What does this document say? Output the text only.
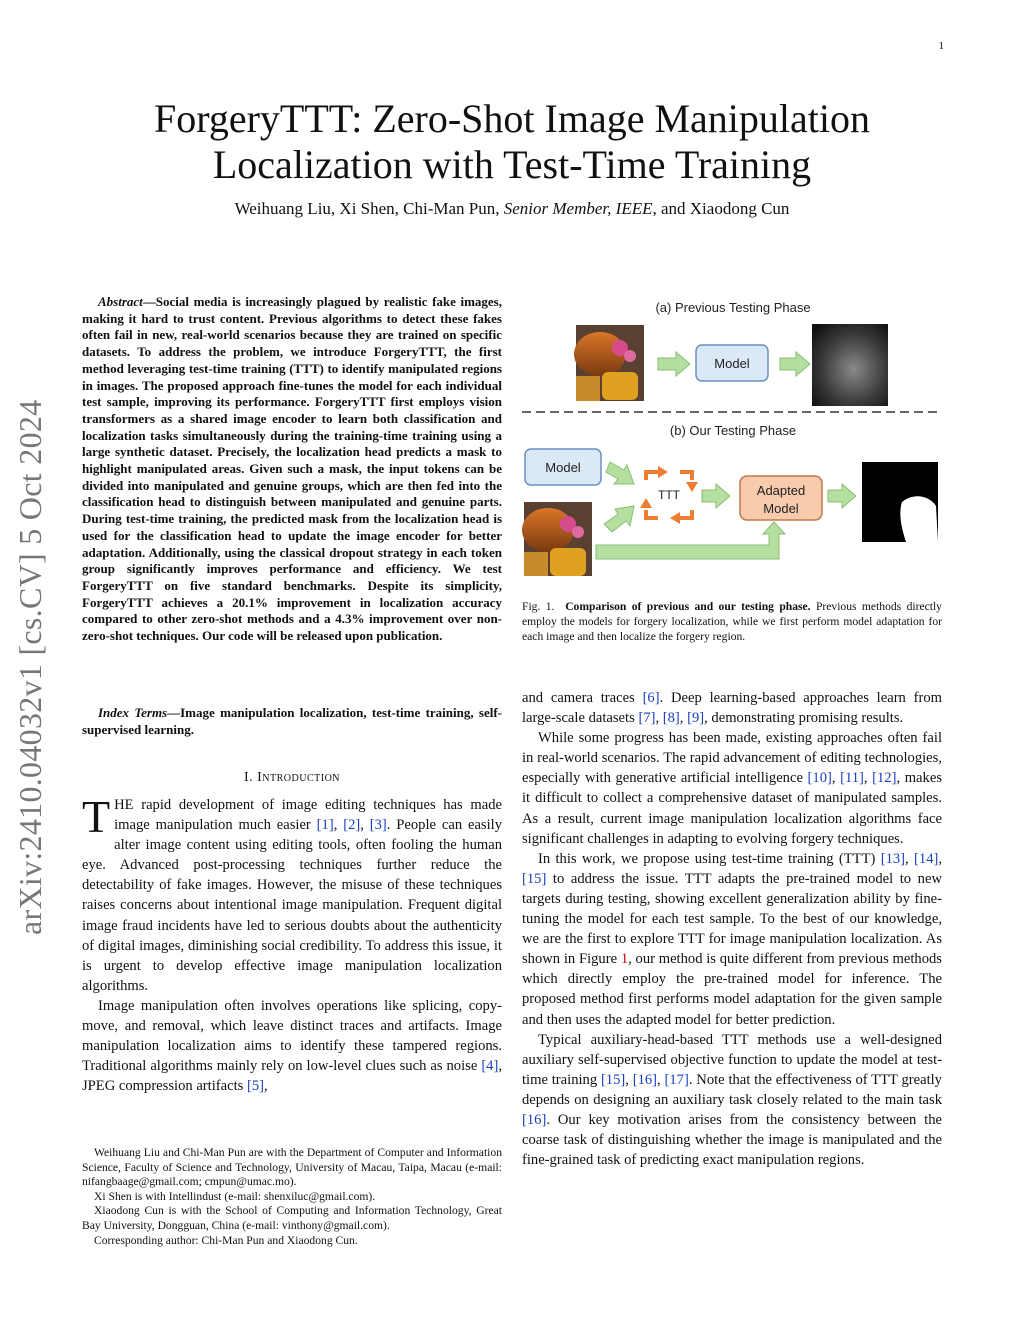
1
arXiv:2410.04032v1 [cs.CV] 5 Oct 2024
ForgeryTTT: Zero-Shot Image Manipulation
Localization with Test-Time Training
Weihuang Liu, Xi Shen, Chi-Man Pun, Senior Member, IEEE, and Xiaodong Cun
Abstract—Social media is increasingly plagued by realistic fake images, making it hard to trust content. Previous algorithms to detect these fakes often fail in new, real-world scenarios because they are trained on specific datasets. To address the problem, we introduce ForgeryTTT, the first method leveraging test-time training (TTT) to identify manipulated regions in images. The proposed approach fine-tunes the model for each individual test sample, improving its performance. ForgeryTTT first employs vision transformers as a shared image encoder to learn both classification and localization tasks simultaneously during the training-time training using a large synthetic dataset. Precisely, the localization head predicts a mask to highlight manipulated areas. Given such a mask, the input tokens can be divided into manipulated and genuine groups, which are then fed into the classification head to distinguish between manipulated and genuine parts. During test-time training, the predicted mask from the localization head is used for the classification head to update the image encoder for better adaptation. Additionally, using the classical dropout strategy in each token group significantly improves performance and efficiency. We test ForgeryTTT on five standard benchmarks. Despite its simplicity, ForgeryTTT achieves a 20.1% improvement in localization accuracy compared to other zero-shot methods and a 4.3% improvement over non-zero-shot techniques. Our code will be released upon publication.
Index Terms—Image manipulation localization, test-time training, self-supervised learning.
I. Introduction

THE rapid development of image editing techniques has made image manipulation much easier [1], [2], [3]. People can easily alter image content using editing tools, often fooling the human eye. Advanced post-processing techniques further reduce the detectability of fake images. However, the misuse of these techniques raises concerns about intentional image manipulation. Frequent digital image fraud incidents have led to serious doubts about the authenticity of digital images, diminishing social credibility. To address this issue, it is urgent to develop effective image manipulation localization algorithms.

Image manipulation often involves operations like splicing, copy-move, and removal, which leave distinct traces and artifacts. Image manipulation localization aims to identify these tampered regions. Traditional algorithms mainly rely on low-level clues such as noise [4], JPEG compression artifacts [5],

Weihuang Liu and Chi-Man Pun are with the Department of Computer and Information Science, Faculty of Science and Technology, University of Macau, Taipa, Macau (e-mail: nifangbaage@gmail.com; cmpun@umac.mo).

Xi Shen is with Intellindust (e-mail: shenxiluc@gmail.com).

Xiaodong Cun is with the School of Computing and Information Technology, Great Bay University, Dongguan, China (e-mail: vinthony@gmail.com).

Corresponding author: Chi-Man Pun and Xiaodong Cun.

(a) Previous Testing Phase
Model
(b) Our Testing Phase
Model
TTT	Adapted
Model
Fig. 1. Comparison of previous and our testing phase. Previous methods directly employ the models for forgery localization, while we first perform model adaptation for each image and then localize the forgery region.

and camera traces [6]. Deep learning-based approaches learn from large-scale datasets [7], [8], [9], demonstrating promising results.

While some progress has been made, existing approaches often fail in real-world scenarios. The rapid advancement of editing technologies, especially with generative artificial intelligence [10], [11], [12], makes it difficult to collect a comprehensive dataset of manipulated samples. As a result, current image manipulation localization algorithms face significant challenges in adapting to evolving forgery techniques.

In this work, we propose using test-time training (TTT) [13], [14], [15] to address the issue. TTT adapts the pre-trained model to new targets during testing, showing excellent generalization ability by fine-tuning the model for each test sample. To the best of our knowledge, we are the first to explore TTT for image manipulation localization. As shown in Figure 1, our method is quite different from previous methods which directly employ the pre-trained model for inference. The proposed method first performs model adaptation for the given sample and then uses the adapted model for better prediction.

Typical auxiliary-head-based TTT methods use a well-designed auxiliary self-supervised objective function to update the model at test-time training [15], [16], [17]. Note that the effectiveness of TTT greatly depends on designing an auxiliary task closely related to the main task [16]. Our key motivation arises from the consistency between the coarse task of distinguishing whether the image is manipulated and the fine-grained task of predicting exact manipulation regions.
